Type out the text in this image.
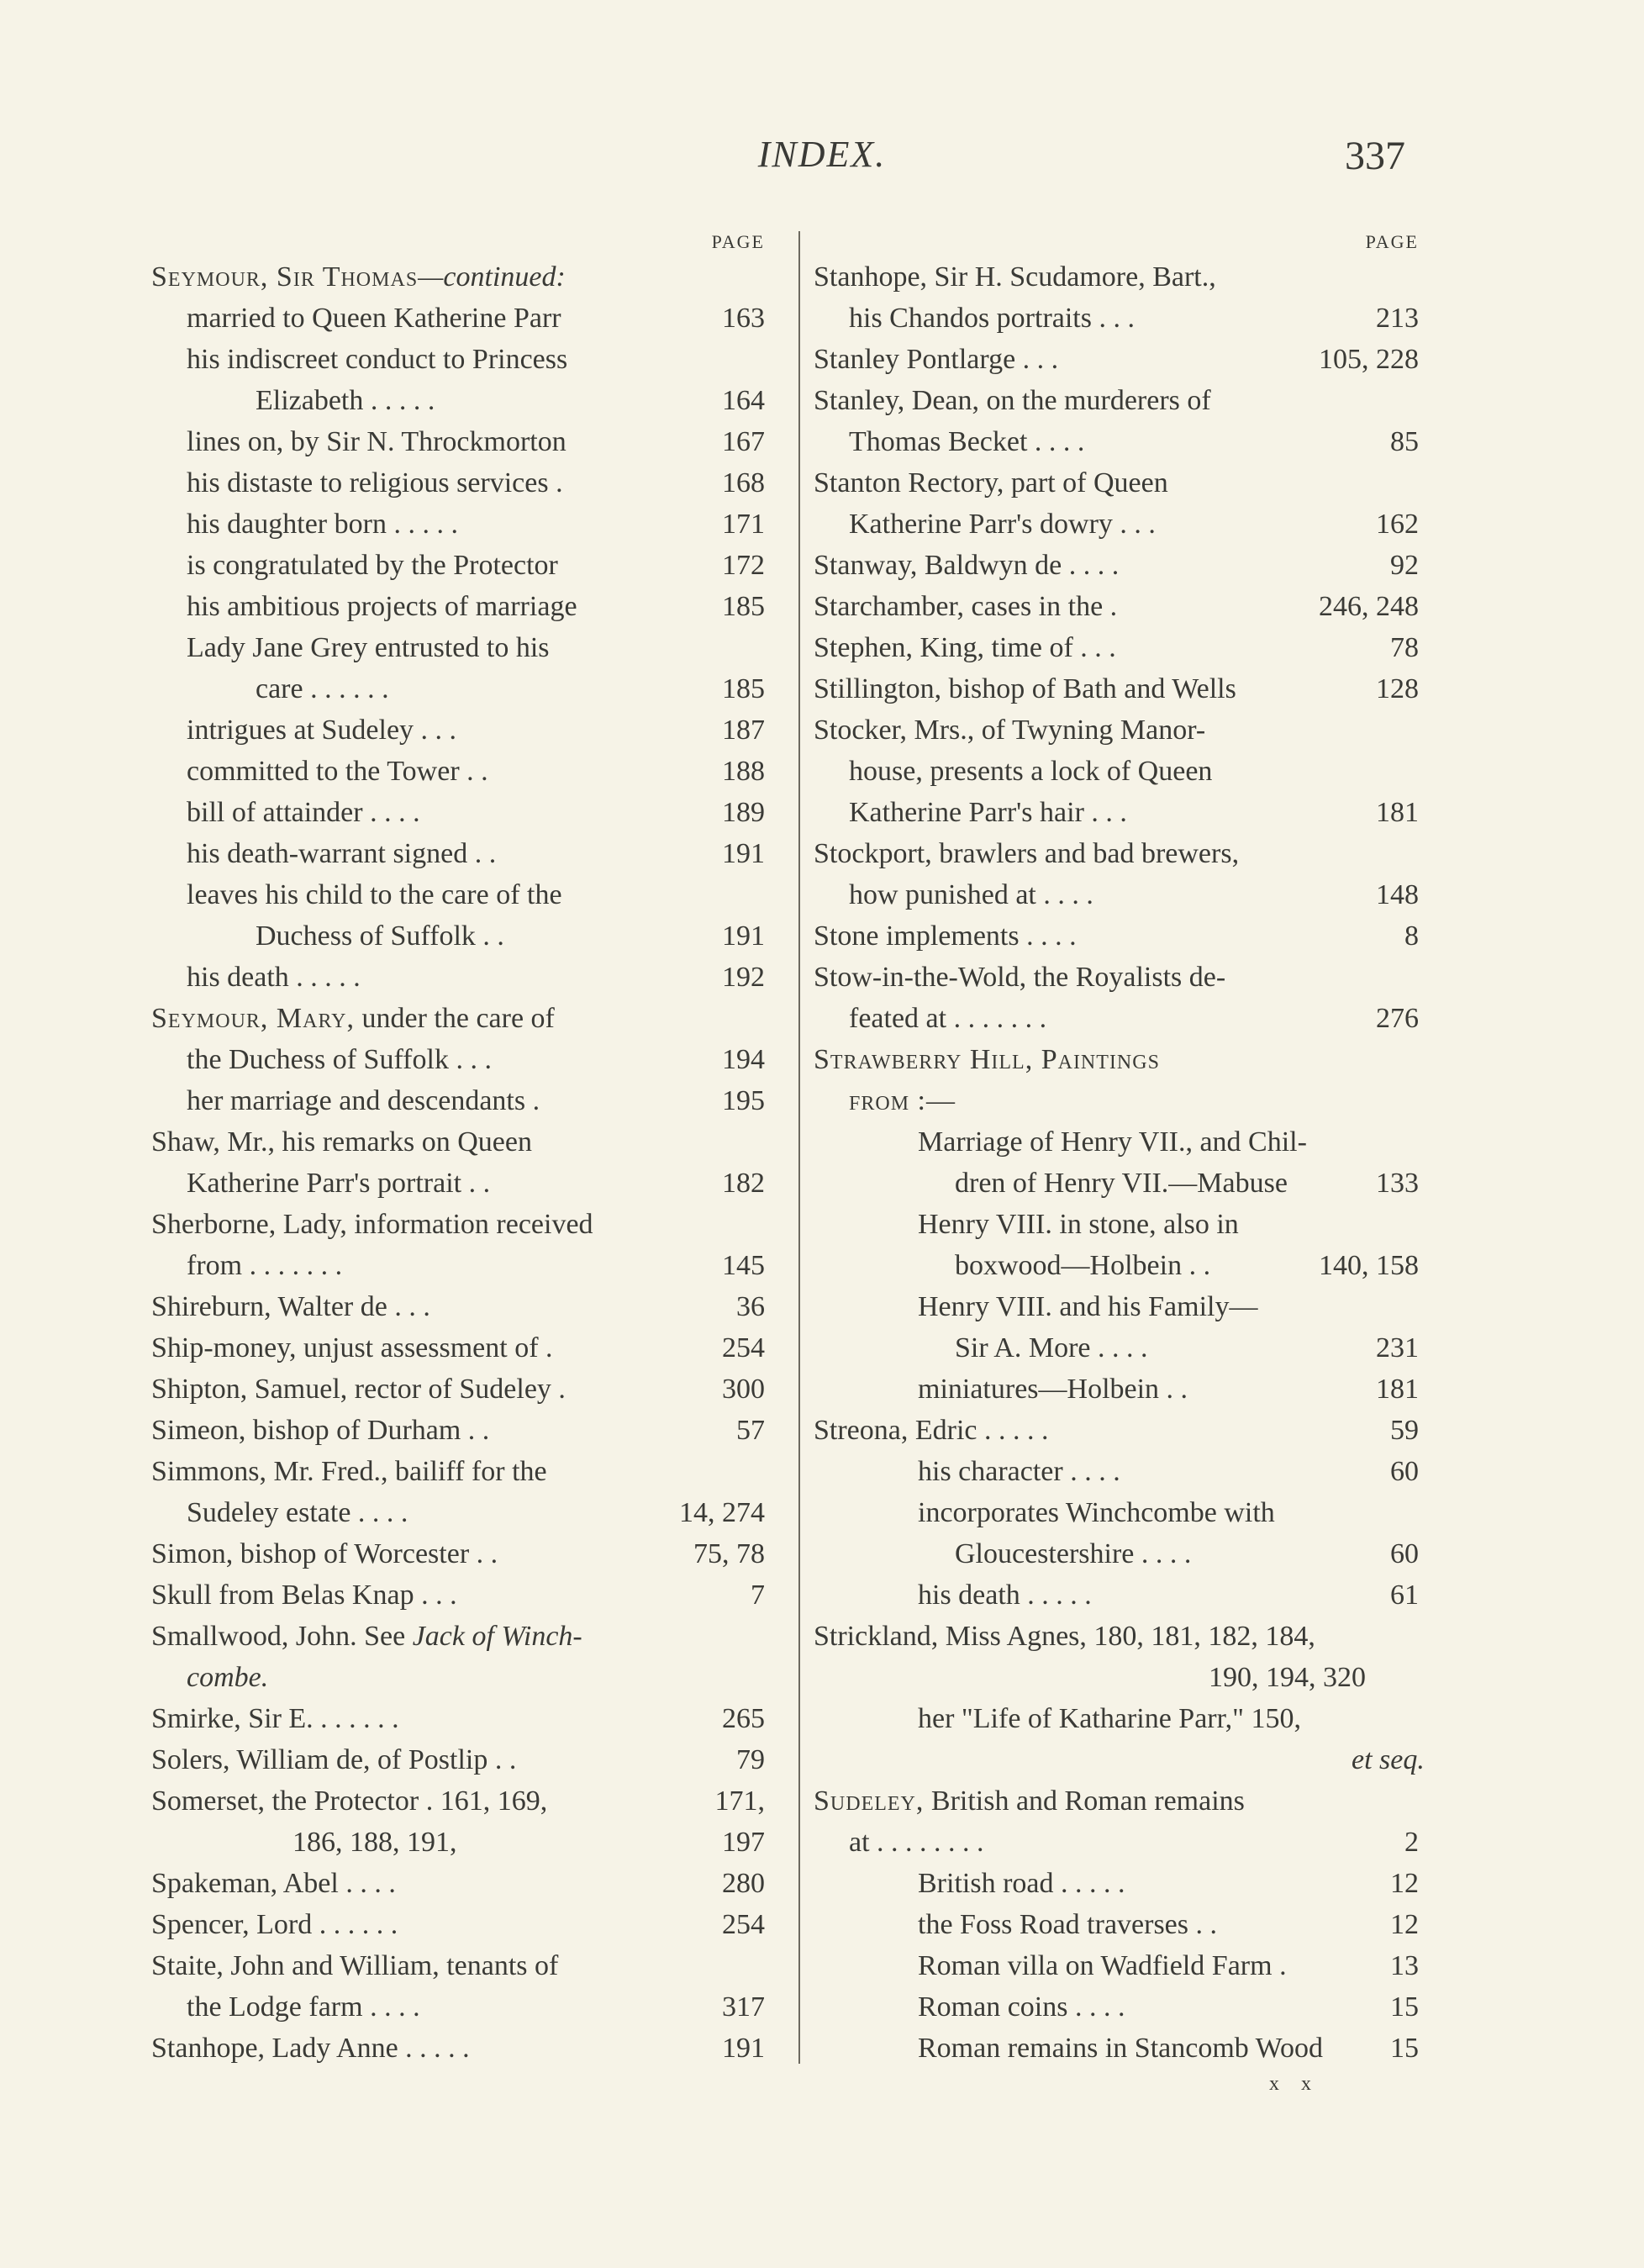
INDEX.	337
PAGE
Seymour, Sir Thomas—continued:
married to Queen Katherine Parr	163
his indiscreet conduct to Princess
Elizabeth . . . . .	164
lines on, by Sir N. Throckmorton	167
his distaste to religious services .	168
his daughter born . . . . .	171
is congratulated by the Protector	172
his ambitious projects of marriage	185
Lady Jane Grey entrusted to his
care . . . . . .	185
intrigues at Sudeley . . .	187
committed to the Tower . .	188
bill of attainder . . . .	189
his death-warrant signed . .	191
leaves his child to the care of the
Duchess of Suffolk . .	191
his death . . . . .	192
Seymour, Mary, under the care of
the Duchess of Suffolk . . .	194
her marriage and descendants .	195
Shaw, Mr., his remarks on Queen
Katherine Parr's portrait . .	182
Sherborne, Lady, information received
from . . . . . . .	145
Shireburn, Walter de . . .	36
Ship-money, unjust assessment of .	254
Shipton, Samuel, rector of Sudeley .	300
Simeon, bishop of Durham . .	57
Simmons, Mr. Fred., bailiff for the
Sudeley estate . . . .	14, 274
Simon, bishop of Worcester . .	75, 78
Skull from Belas Knap . . .	7
Smallwood, John. See Jack of Winch-
combe.
Smirke, Sir E. . . . . . .	265
Solers, William de, of Postlip . .	79
Somerset, the Protector . 161, 169,	171,
186, 188, 191,	197
Spakeman, Abel . . . .	280
Spencer, Lord . . . . . .	254
Staite, John and William, tenants of
the Lodge farm . . . .	317
Stanhope, Lady Anne . . . . .	191
PAGE
Stanhope, Sir H. Scudamore, Bart.,
his Chandos portraits . . .	213
Stanley Pontlarge . . .	105, 228
Stanley, Dean, on the murderers of
Thomas Becket . . . .	85
Stanton Rectory, part of Queen
Katherine Parr's dowry . . .	162
Stanway, Baldwyn de . . . .	92
Starchamber, cases in the .	246, 248
Stephen, King, time of . . .	78
Stillington, bishop of Bath and Wells	128
Stocker, Mrs., of Twyning Manor-
house, presents a lock of Queen
Katherine Parr's hair . . .	181
Stockport, brawlers and bad brewers,
how punished at . . . .	148
Stone implements . . . .	8
Stow-in-the-Wold, the Royalists de-
feated at . . . . . . .	276
Strawberry Hill, Paintings
from :—
Marriage of Henry VII., and Chil-
dren of Henry VII.—Mabuse	133
Henry VIII. in stone, also in
boxwood—Holbein . .	140, 158
Henry VIII. and his Family—
Sir A. More . . . .	231
miniatures—Holbein . .	181
Streona, Edric . . . . .	59
his character . . . .	60
incorporates Winchcombe with
Gloucestershire . . . .	60
his death . . . . .	61
Strickland, Miss Agnes, 180, 181, 182, 184,
190, 194, 320
her "Life of Katharine Parr," 150,
et seq.
Sudeley, British and Roman remains
at . . . . . . . .	2
British road . . . . .	12
the Foss Road traverses . .	12
Roman villa on Wadfield Farm .	13
Roman coins . . . .	15
Roman remains in Stancomb Wood 15
x x
